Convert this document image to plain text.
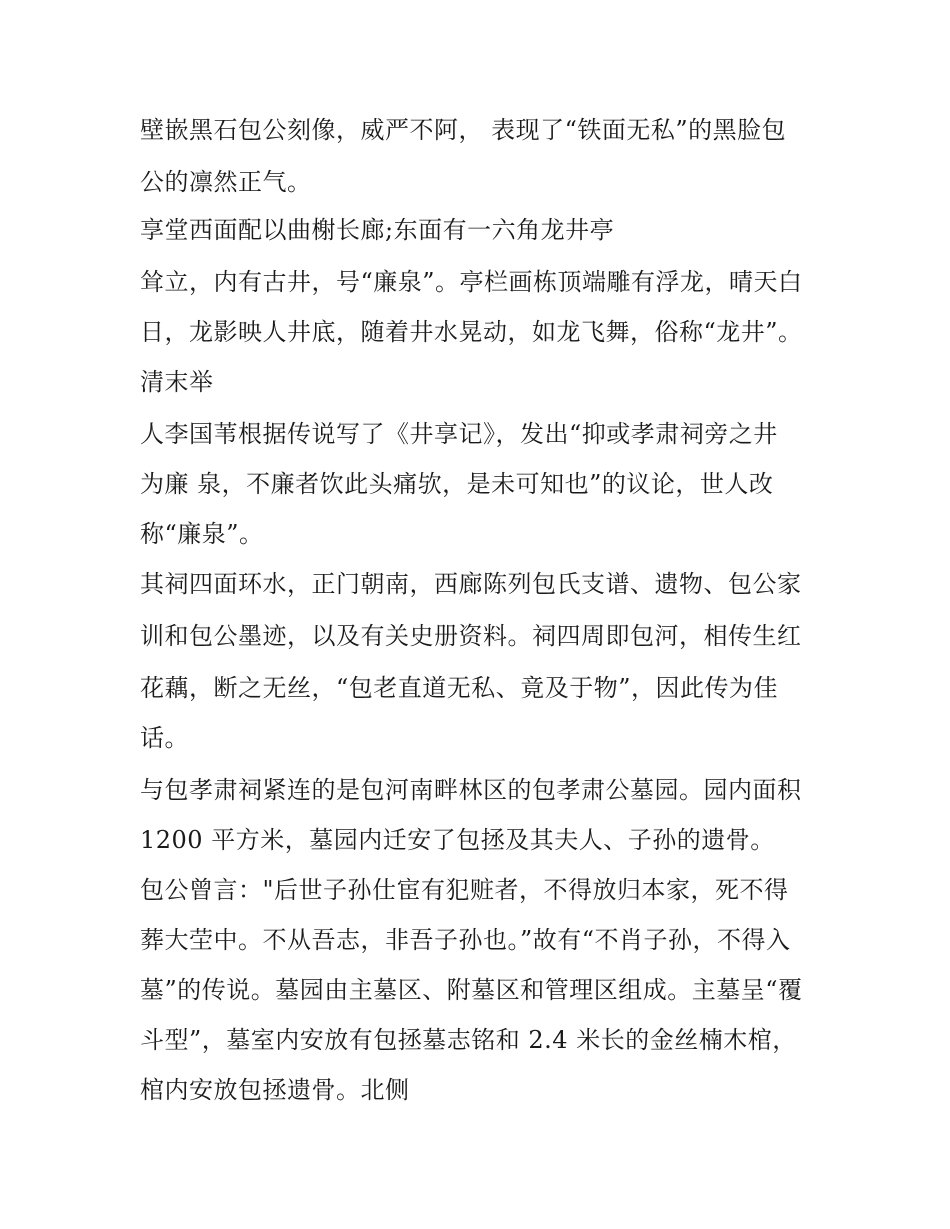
壁嵌黑石包公刻像，威严不阿， 表现了“铁面无私”的黑脸包
公的凛然正气。
享堂西面配以曲榭长廊;东面有一六角龙井亭
耸立，内有古井，号“廉泉”。亭栏画栋顶端雕有浮龙，晴天白
日，龙影映人井底，随着井水晃动，如龙飞舞，俗称“龙井”。
清末举
人李国苇根据传说写了《井享记》，发出“抑或孝肃祠旁之井
为廉 泉，不廉者饮此头痛欤，是未可知也”的议论，世人改
称“廉泉”。
其祠四面环水，正门朝南，西廊陈列包氏支谱、遗物、包公家
训和包公墨迹，以及有关史册资料。祠四周即包河，相传生红
花藕，断之无丝，“包老直道无私、竟及于物”，因此传为佳
话。
与包孝肃祠紧连的是包河南畔林区的包孝肃公墓园。园内面积
1200 平方米，墓园内迁安了包拯及其夫人、子孙的遗骨。
包公曾言："后世子孙仕宦有犯赃者，不得放归本家，死不得
葬大茔中。不从吾志，非吾子孙也。”故有“不肖子孙，不得入
墓”的传说。墓园由主墓区、附墓区和管理区组成。主墓呈“覆
斗型”，墓室内安放有包拯墓志铭和 2.4 米长的金丝楠木棺，
棺内安放包拯遗骨。北侧
